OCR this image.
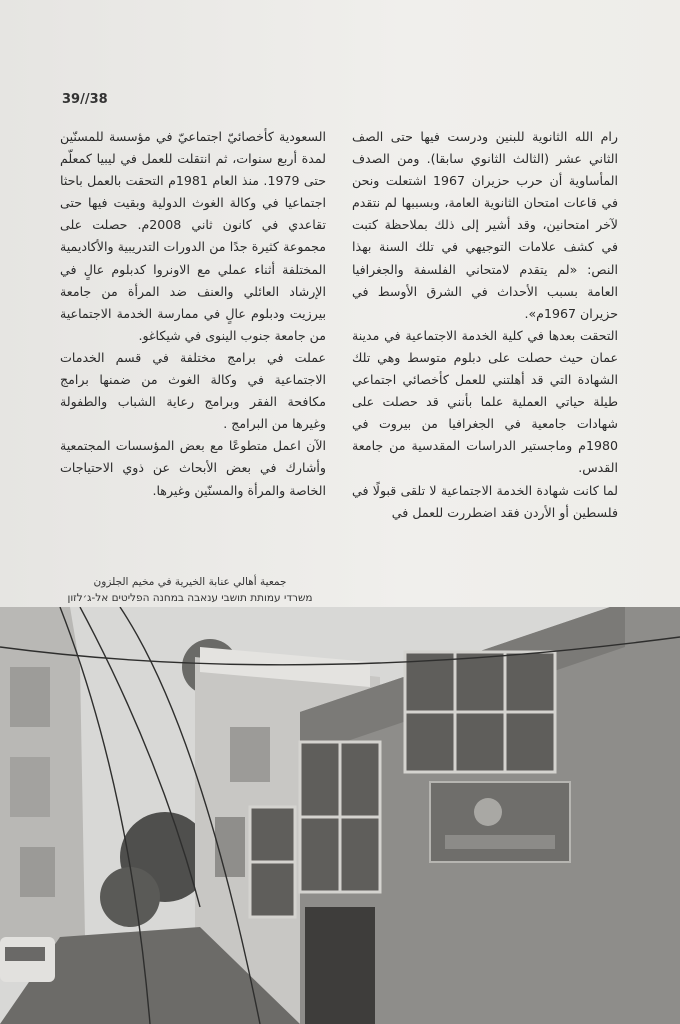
39//38

رام الله الثانوية للبنين ودرست فيها حتى الصف الثاني عشر (الثالث الثانوي سابقا). ومن الصدف المأساوية أن حرب حزيران 1967 اشتعلت ونحن في قاعات امتحان الثانوية العامة، وبسببها لم نتقدم لآخر امتحانين، وقد أشير إلى ذلك بملاحظة كتبت في كشف علامات التوجيهي في تلك السنة بهذا النص: «لم يتقدم لامتحاني الفلسفة والجغرافيا العامة بسبب الأحداث في الشرق الأوسط في حزيران 1967م».

التحقت بعدها في كلية الخدمة الاجتماعية في مدينة عمان حيث حصلت على دبلوم متوسط وهي تلك الشهادة التي قد أهلتني للعمل كأخصائي اجتماعي طيلة حياتي العملية علما بأنني قد حصلت على شهادات جامعية في الجغرافيا من بيروت في 1980م وماجستير الدراسات المقدسية من جامعة القدس.

لما كانت شهادة الخدمة الاجتماعية لا تلقى قبولًا في فلسطين أو الأردن فقد اضطررت للعمل في

السعودية كأخصائيّ اجتماعيّ في مؤسسة للمسنّين لمدة أربع سنوات، ثم انتقلت للعمل في ليبيا كمعلّم حتى 1979. منذ العام 1981م التحقت بالعمل باحثا اجتماعيا في وكالة الغوث الدولية وبقيت فيها حتى تقاعدي في كانون ثاني 2008م. حصلت على مجموعة كثيرة جدًا من الدورات التدريبية والأكاديمية المختلفة أثناء عملي مع الاونروا كدبلوم عالٍ في الإرشاد العائلي والعنف ضد المرأة من جامعة بيرزيت ودبلوم عالٍ في ممارسة الخدمة الاجتماعية من جامعة جنوب الينوى في شيكاغو.

عملت في برامج مختلفة في قسم الخدمات الاجتماعية في وكالة الغوث من ضمنها برامج مكافحة الفقر وبرامج رعاية الشباب والطفولة وغيرها من البرامج .

الآن اعمل متطوعًا مع بعض المؤسسات المجتمعية وأشارك في بعض الأبحاث عن ذوي الاحتياجات الخاصة والمرأة والمسنّين وغيرها.

جمعية أهالي عنابة الخيرية في مخيم الجلزون
משרדי עמותת תושבי ענאבה במחנה הפליטים אל-ג׳לזון
